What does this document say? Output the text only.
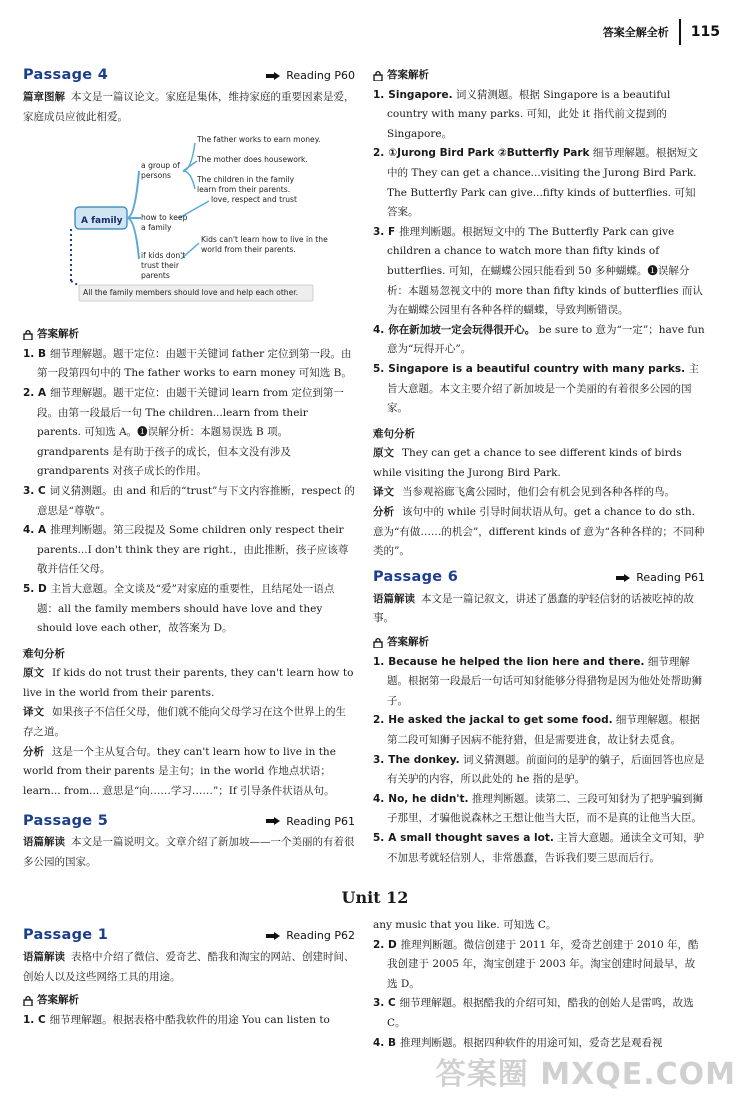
答案全解全析 115
Passage 4	Reading P60
篇章图解 本文是一篇议论文。家庭是集体，维持家庭的重要因素是爱，家庭成员应彼此相爱。
A family
a group of
persons
The father works to earn money.
The mother does housework.
The children in the family
learn from their parents.
how to keep
a family
love, respect and trust
if kids don't
trust their
parents
Kids can't learn how to live in the
world from their parents.
All the family members should love and help each other.
答案解析
1. B 细节理解题。题干定位：由题干关键词 father 定位到第一段。由第一段第四句中的 The father works to earn money 可知选 B。
2. A 细节理解题。题干定位：由题干关键词 learn from 定位到第一段。由第一段最后一句 The children...learn from their parents. 可知选 A。❶误解分析：本题易误选 B 项。grandparents 是有助于孩子的成长，但本文没有涉及 grandparents 对孩子成长的作用。
3. C 词义猜测题。由 and 和后的“trust”与下文内容推断，respect 的意思是“尊敬”。
4. A 推理判断题。第三段提及 Some children only respect their parents...I don't think they are right.，由此推断，孩子应该尊敬并信任父母。
5. D 主旨大意题。全文谈及“爱”对家庭的重要性，且结尾处一语点题：all the family members should have love and they should love each other，故答案为 D。
难句分析
原文 If kids do not trust their parents, they can't learn how to live in the world from their parents.
译文 如果孩子不信任父母，他们就不能向父母学习在这个世界上的生存之道。
分析 这是一个主从复合句。they can't learn how to live in the world from their parents 是主句；in the world 作地点状语；learn... from... 意思是“向……学习……”；If 引导条件状语从句。
Passage 5	Reading P61
语篇解读 本文是一篇说明文。文章介绍了新加坡——一个美丽的有着很多公园的国家。
答案解析
1. Singapore. 词义猜测题。根据 Singapore is a beautiful country with many parks. 可知，此处 it 指代前文提到的 Singapore。
2. ①Jurong Bird Park ②Butterfly Park 细节理解题。根据短文中的 They can get a chance...visiting the Jurong Bird Park. The Butterfly Park can give...fifty kinds of butterflies. 可知答案。
3. F 推理判断题。根据短文中的 The Butterfly Park can give children a chance to watch more than fifty kinds of butterflies. 可知，在蝴蝶公园只能看到 50 多种蝴蝶。❶误解分析：本题易忽视文中的 more than fifty kinds of butterflies 而认为在蝴蝶公园里有各种各样的蝴蝶，导致判断错误。
4. 你在新加坡一定会玩得很开心。 be sure to 意为“一定”；have fun 意为“玩得开心”。
5. Singapore is a beautiful country with many parks. 主旨大意题。本文主要介绍了新加坡是一个美丽的有着很多公园的国家。
难句分析
原文 They can get a chance to see different kinds of birds while visiting the Jurong Bird Park.
译文 当参观裕廊飞禽公园时，他们会有机会见到各种各样的鸟。
分析 该句中的 while 引导时间状语从句。get a chance to do sth. 意为“有做……的机会”，different kinds of 意为“各种各样的；不同种类的”。
Passage 6	Reading P61
语篇解读 本文是一篇记叙文，讲述了愚蠢的驴轻信豺的话被吃掉的故事。
答案解析
1. Because he helped the lion here and there. 细节理解题。根据第一段最后一句话可知豺能够分得猎物是因为他处处帮助狮子。
2. He asked the jackal to get some food. 细节理解题。根据第二段可知狮子因病不能狩猎，但是需要进食，故让豺去觅食。
3. The donkey. 词义猜测题。前面问的是驴的躺子，后面回答也应是有关驴的内容，所以此处的 he 指的是驴。
4. No, he didn't. 推理判断题。读第二、三段可知豺为了把驴骗到狮子那里，才骗他说森林之王想让他当大臣，而不是真的让他当大臣。
5. A small thought saves a lot. 主旨大意题。通读全文可知，驴不加思考就轻信别人，非常愚蠢，告诉我们要三思而后行。
Unit 12
Passage 1	Reading P62
语篇解读 表格中介绍了微信、爱奇艺、酷我和淘宝的网站、创建时间、创始人以及这些网络工具的用途。
答案解析
1. C 细节理解题。根据表格中酷我软件的用途 You can listen to
any music that you like. 可知选 C。
2. D 推理判断题。微信创建于 2011 年，爱奇艺创建于 2010 年，酷我创建于 2005 年，淘宝创建于 2003 年。淘宝创建时间最早，故选 D。
3. C 细节理解题。根据酷我的介绍可知，酷我的创始人是雷鸣，故选 C。
4. B 推理判断题。根据四种软件的用途可知，爱奇艺是观看视
答案圈 MXQE.COM
